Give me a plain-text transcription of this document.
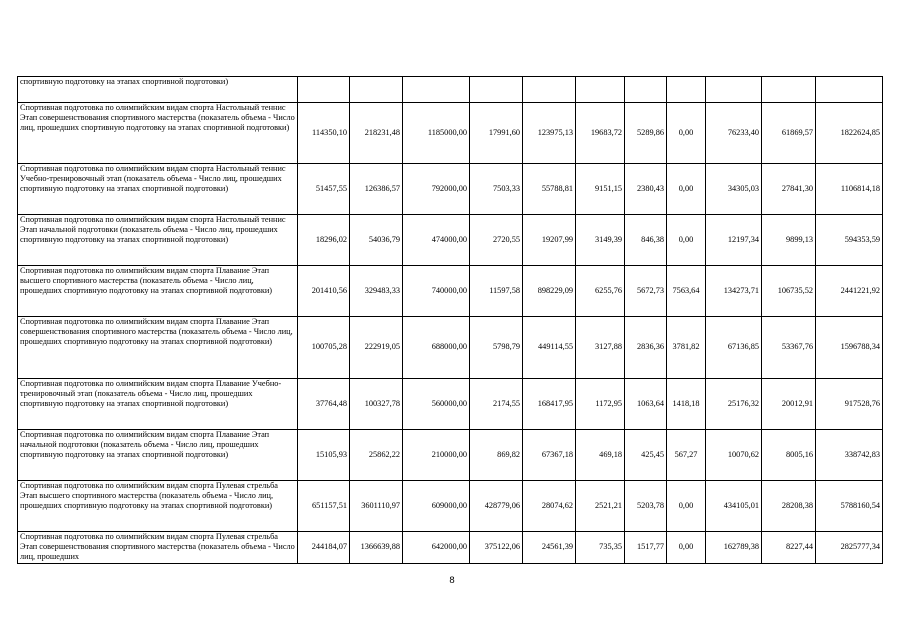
спортивную подготовку на этапах спортивной подготовки)											
Спортивная подготовка по олимпийским видам спорта Настольный теннис Этап совершенствования спортивного мастерства (показатель объема - Число лиц, прошедших спортивную подготовку на этапах спортивной подготовки)	114350,10	218231,48	1185000,00	17991,60	123975,13	19683,72	5289,86	0,00	76233,40	61869,57	1822624,85
Спортивная подготовка по олимпийским видам спорта Настольный теннис Учебно-тренировочный этап (показатель объема - Число лиц, прошедших спортивную подготовку на этапах спортивной подготовки)	51457,55	126386,57	792000,00	7503,33	55788,81	9151,15	2380,43	0,00	34305,03	27841,30	1106814,18
Спортивная подготовка по олимпийским видам спорта Настольный теннис Этап начальной подготовки (показатель объема - Число лиц, прошедших спортивную подготовку на этапах спортивной подготовки)	18296,02	54036,79	474000,00	2720,55	19207,99	3149,39	846,38	0,00	12197,34	9899,13	594353,59
Спортивная подготовка по олимпийским видам спорта Плавание Этап высшего спортивного мастерства (показатель объема - Число лиц, прошедших спортивную подготовку на этапах спортивной подготовки)	201410,56	329483,33	740000,00	11597,58	898229,09	6255,76	5672,73	7563,64	134273,71	106735,52	2441221,92
Спортивная подготовка по олимпийским видам спорта Плавание Этап совершенствования спортивного мастерства (показатель объема - Число лиц, прошедших спортивную подготовку на этапах спортивной подготовки)	100705,28	222919,05	688000,00	5798,79	449114,55	3127,88	2836,36	3781,82	67136,85	53367,76	1596788,34
Спортивная подготовка по олимпийским видам спорта Плавание Учебно-тренировочный этап (показатель объема - Число лиц, прошедших спортивную подготовку на этапах спортивной подготовки)	37764,48	100327,78	560000,00	2174,55	168417,95	1172,95	1063,64	1418,18	25176,32	20012,91	917528,76
Спортивная подготовка по олимпийским видам спорта Плавание Этап начальной подготовки (показатель объема - Число лиц, прошедших спортивную подготовку на этапах спортивной подготовки)	15105,93	25862,22	210000,00	869,82	67367,18	469,18	425,45	567,27	10070,62	8005,16	338742,83
Спортивная подготовка по олимпийским видам спорта Пулевая стрельба Этап высшего спортивного мастерства (показатель объема - Число лиц, прошедших спортивную подготовку на этапах спортивной подготовки)	651157,51	3601110,97	609000,00	428779,06	28074,62	2521,21	5203,78	0,00	434105,01	28208,38	5788160,54
Спортивная подготовка по олимпийским видам спорта Пулевая стрельба Этап совершенствования спортивного мастерства (показатель объема - Число лиц, прошедших	244184,07	1366639,88	642000,00	375122,06	24561,39	735,35	1517,77	0,00	162789,38	8227,44	2825777,34
8
